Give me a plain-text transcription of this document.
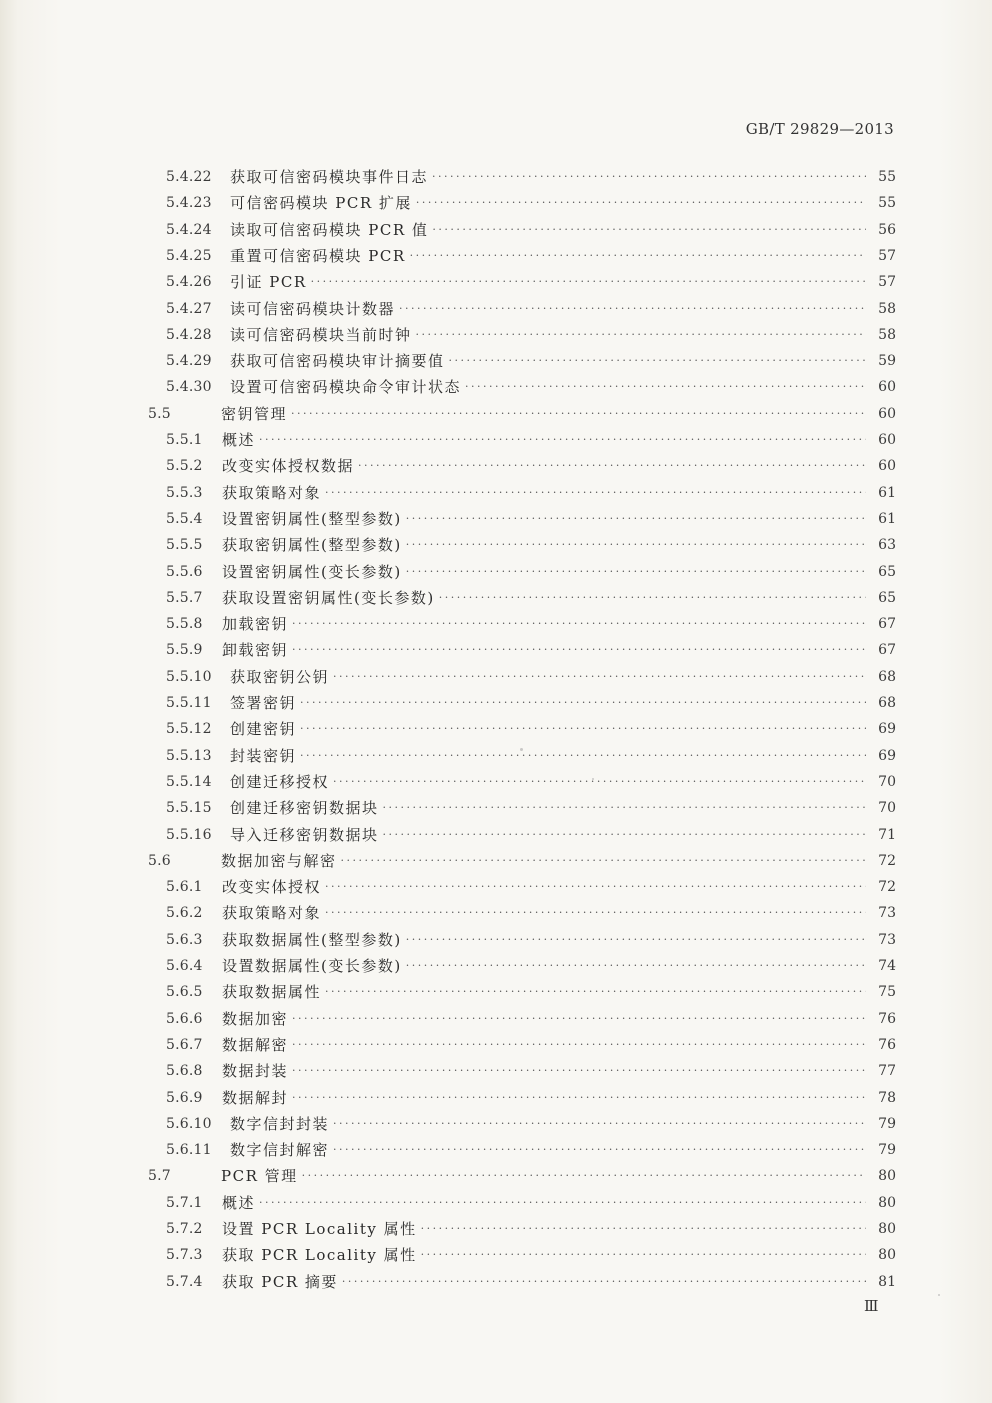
GB/T 29829—2013
5.4.22	获取可信密码模块事件日志 ·····	55
5.4.23	可信密码模块 PCR 扩展 ·····	55
5.4.24	读取可信密码模块 PCR 值 ·····	56
5.4.25	重置可信密码模块 PCR ·····	57
5.4.26	引证 PCR ·····	57
5.4.27	读可信密码模块计数器 ·····	58
5.4.28	读可信密码模块当前时钟 ·····	58
5.4.29	获取可信密码模块审计摘要值 ·····	59
5.4.30	设置可信密码模块命令审计状态 ·····	60
5.5	密钥管理 ·····	60
5.5.1	概述 ·····	60
5.5.2	改变实体授权数据 ·····	60
5.5.3	获取策略对象 ·····	61
5.5.4	设置密钥属性(整型参数) ·····	61
5.5.5	获取密钥属性(整型参数) ·····	63
5.5.6	设置密钥属性(变长参数) ·····	65
5.5.7	获取设置密钥属性(变长参数) ·····	65
5.5.8	加载密钥 ·····	67
5.5.9	卸载密钥 ·····	67
5.5.10	获取密钥公钥 ·····	68
5.5.11	签署密钥 ·····	68
5.5.12	创建密钥 ·····	69
5.5.13	封装密钥 ·····	69
5.5.14	创建迁移授权 ·····	70
5.5.15	创建迁移密钥数据块 ·····	70
5.5.16	导入迁移密钥数据块 ·····	71
5.6	数据加密与解密 ·····	72
5.6.1	改变实体授权 ·····	72
5.6.2	获取策略对象 ·····	73
5.6.3	获取数据属性(整型参数) ·····	73
5.6.4	设置数据属性(变长参数) ·····	74
5.6.5	获取数据属性 ·····	75
5.6.6	数据加密 ·····	76
5.6.7	数据解密 ·····	76
5.6.8	数据封装 ·····	77
5.6.9	数据解封 ·····	78
5.6.10	数字信封封装 ·····	79
5.6.11	数字信封解密 ·····	79
5.7	PCR 管理 ·····	80
5.7.1	概述 ·····	80
5.7.2	设置 PCR Locality 属性 ·····	80
5.7.3	获取 PCR Locality 属性 ·····	80
5.7.4	获取 PCR 摘要 ·····	81
Ⅲ
